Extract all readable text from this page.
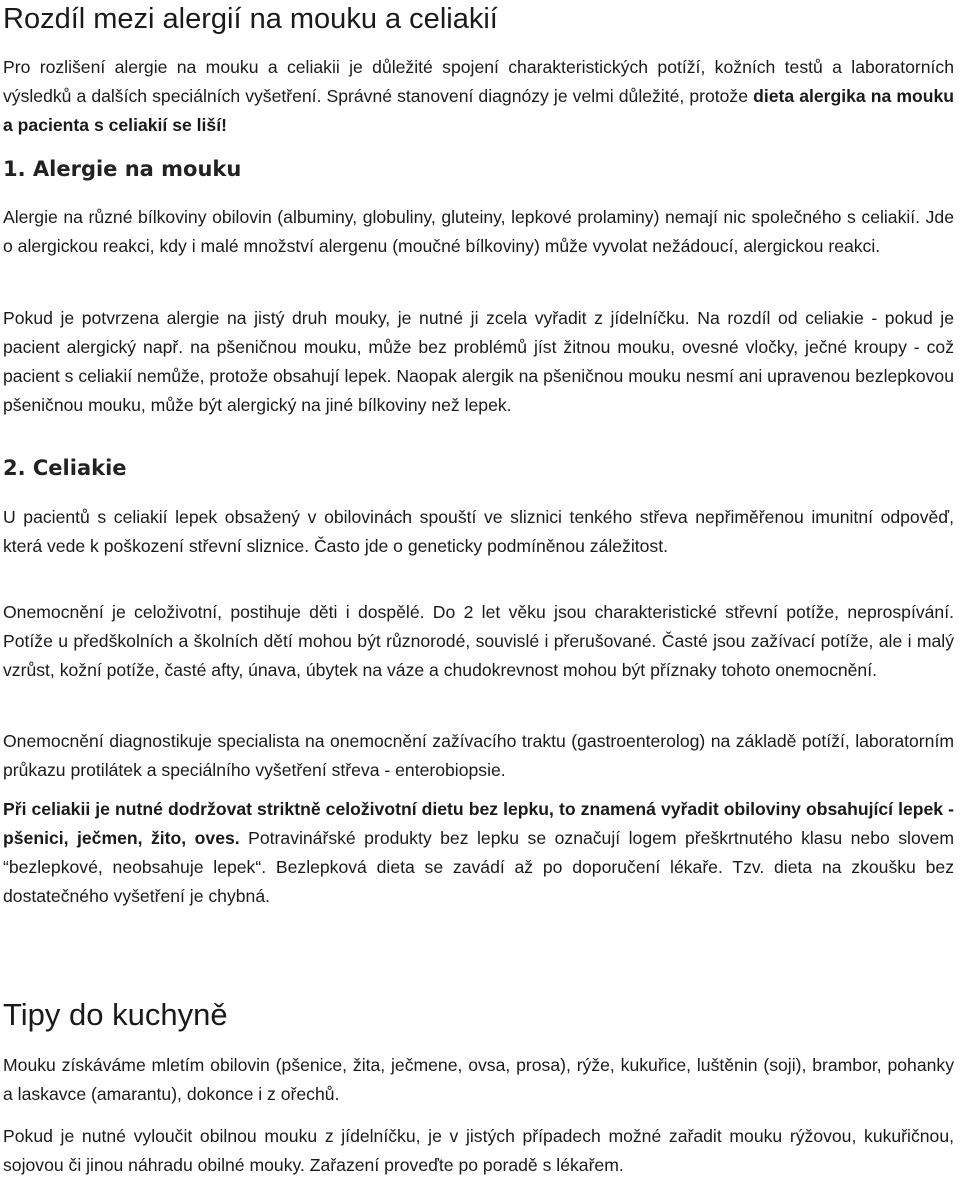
Rozdíl mezi alergií na mouku a celiakií

Pro rozlišení alergie na mouku a celiakii je důležité spojení charakteristických potíží, kožních testů a laboratorních výsledků a dalších speciálních vyšetření. Správné stanovení diagnózy je velmi důležité, protože dieta alergika na mouku a pacienta s celiakií se liší!

1. Alergie na mouku

Alergie na různé bílkoviny obilovin (albuminy, globuliny, gluteiny, lepkové prolaminy) nemají nic společného s celiakií. Jde o alergickou reakci, kdy i malé množství alergenu (moučné bílkoviny) může vyvolat nežádoucí, alergickou reakci.

Pokud je potvrzena alergie na jistý druh mouky, je nutné ji zcela vyřadit z jídelníčku. Na rozdíl od celiakie - pokud je pacient alergický např. na pšeničnou mouku, může bez problémů jíst žitnou mouku, ovesné vločky, ječné kroupy - což pacient s celiakií nemůže, protože obsahují lepek. Naopak alergik na pšeničnou mouku nesmí ani upravenou bezlepkovou pšeničnou mouku, může být alergický na jiné bílkoviny než lepek.

2. Celiakie

U pacientů s celiakií lepek obsažený v obilovinách spouští ve sliznici tenkého střeva nepřiměřenou imunitní odpověď, která vede k poškození střevní sliznice. Často jde o geneticky podmíněnou záležitost.

Onemocnění je celoživotní, postihuje děti i dospělé. Do 2 let věku jsou charakteristické střevní potíže, neprospívání. Potíže u předškolních a školních dětí mohou být různorodé, souvislé i přerušované. Časté jsou zažívací potíže, ale i malý vzrůst, kožní potíže, časté afty, únava, úbytek na váze a chudokrevnost mohou být příznaky tohoto onemocnění.

Onemocnění diagnostikuje specialista na onemocnění zažívacího traktu (gastroenterolog) na základě potíží, laboratorním průkazu protilátek a speciálního vyšetření střeva - enterobiopsie.

Při celiakii je nutné dodržovat striktně celoživotní dietu bez lepku, to znamená vyřadit obiloviny obsahující lepek - pšenici, ječmen, žito, oves. Potravinářské produkty bez lepku se označují logem přeškrtnutého klasu nebo slovem “bezlepkové, neobsahuje lepek“. Bezlepková dieta se zavádí až po doporučení lékaře. Tzv. dieta na zkoušku bez dostatečného vyšetření je chybná.

Tipy do kuchyně

Mouku získáváme mletím obilovin (pšenice, žita, ječmene, ovsa, prosa), rýže, kukuřice, luštěnin (soji), brambor, pohanky a laskavce (amarantu), dokonce i z ořechů.

Pokud je nutné vyloučit obilnou mouku z jídelníčku, je v jistých případech možné zařadit mouku rýžovou, kukuřičnou, sojovou či jinou náhradu obilné mouky. Zařazení proveďte po poradě s lékařem.
